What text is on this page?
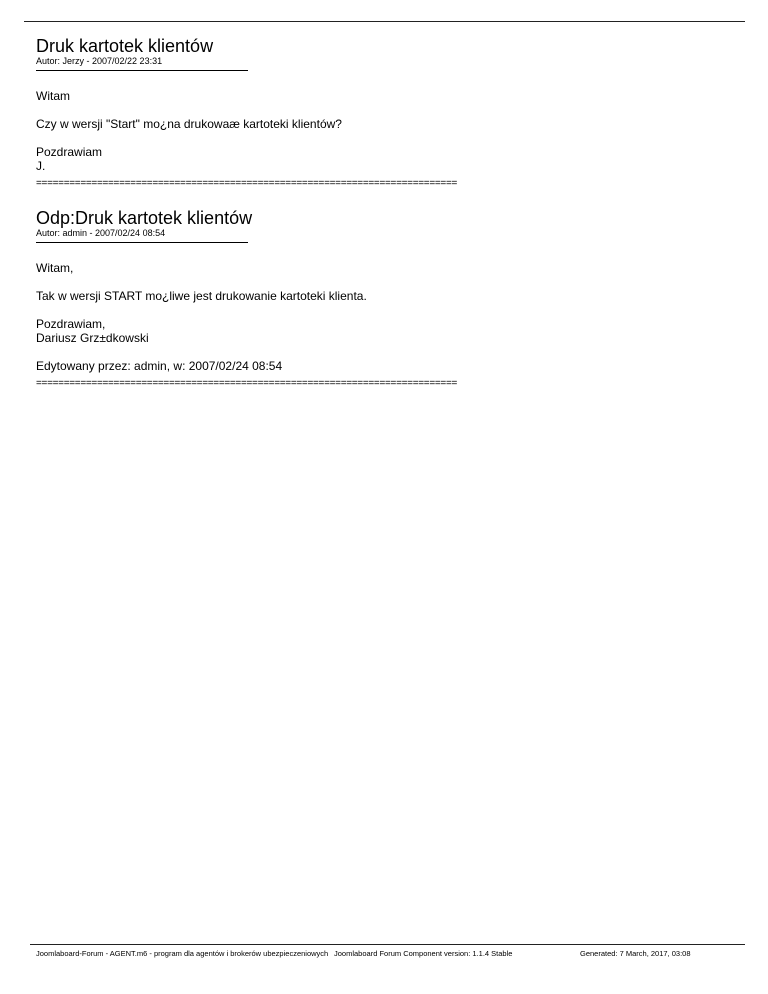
Druk kartotek klientów

Autor: Jerzy - 2007/02/22 23:31

Witam

Czy w wersji "Start" mo¿na drukowaæ kartoteki klientów?

Pozdrawiam

J.

============================================================================

Odp:Druk kartotek klientów

Autor: admin - 2007/02/24 08:54

Witam,

Tak w wersji START mo¿liwe jest drukowanie kartoteki klienta.

Pozdrawiam,

Dariusz Grz±dkowski

Edytowany przez: admin, w: 2007/02/24 08:54

============================================================================

Joomlaboard-Forum - AGENT.m6 - program dla agentów i brokerów ubezpieczeniowych Joomlaboard Forum Component version: 1.1.4 Stable	Generated: 7 March, 2017, 03:08
